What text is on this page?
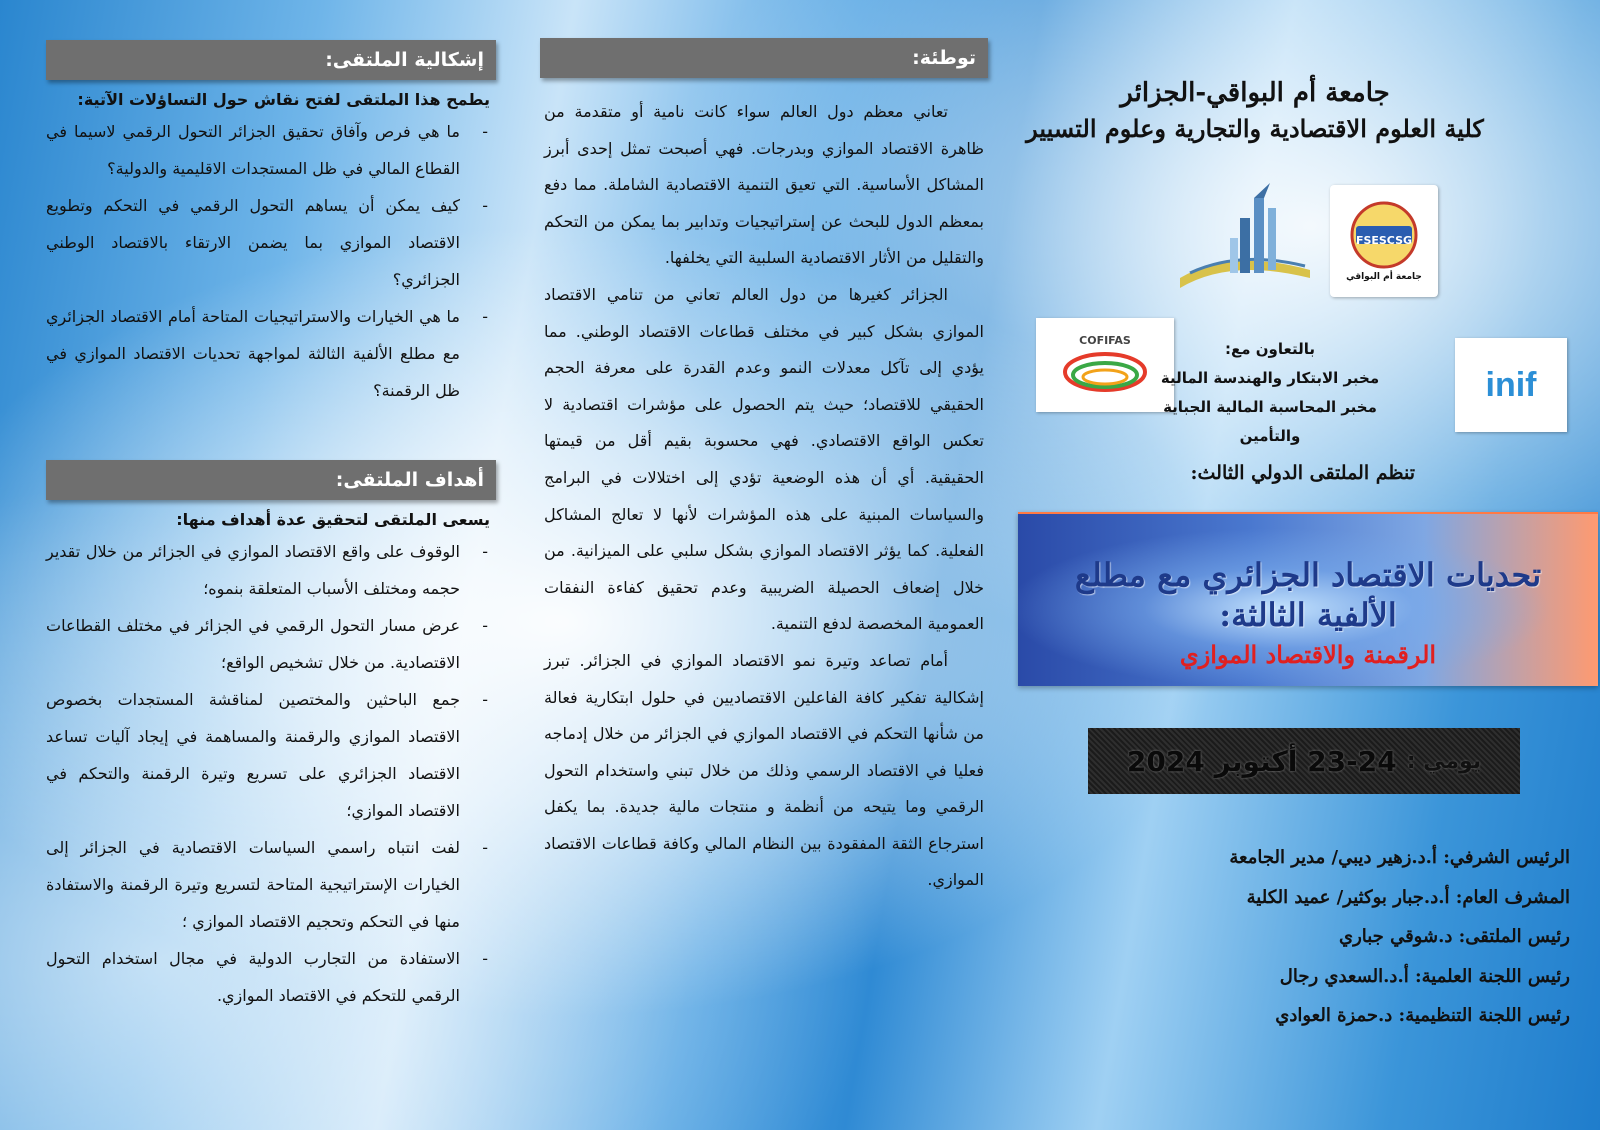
إشكالية الملتقى:
يطمح هذا الملتقى لفتح نقاش حول التساؤلات الآتية:
- ما هي فرص وآفاق تحقيق الجزائر التحول الرقمي لاسيما في القطاع المالي في ظل المستجدات الاقليمية والدولية؟
- كيف يمكن أن يساهم التحول الرقمي في التحكم وتطويع الاقتصاد الموازي بما يضمن الارتقاء بالاقتصاد الوطني الجزائري؟
- ما هي الخيارات والاستراتيجيات المتاحة أمام الاقتصاد الجزائري مع مطلع الألفية الثالثة لمواجهة تحديات الاقتصاد الموازي في ظل الرقمنة؟
أهداف الملتقى:
يسعى الملتقى لتحقيق عدة أهداف منها:
- الوقوف على واقع الاقتصاد الموازي في الجزائر من خلال تقدير حجمه ومختلف الأسباب المتعلقة بنموه؛
- عرض مسار التحول الرقمي في الجزائر في مختلف القطاعات الاقتصادية. من خلال تشخيص الواقع؛
- جمع الباحثين والمختصين لمناقشة المستجدات بخصوص الاقتصاد الموازي والرقمنة والمساهمة في إيجاد آليات تساعد الاقتصاد الجزائري على تسريع وتيرة الرقمنة والتحكم في الاقتصاد الموازي؛
- لفت انتباه راسمي السياسات الاقتصادية في الجزائر إلى الخيارات الإستراتيجية المتاحة لتسريع وتيرة الرقمنة والاستفادة منها في التحكم وتحجيم الاقتصاد الموازي ؛
- الاستفادة من التجارب الدولية في مجال استخدام التحول الرقمي للتحكم في الاقتصاد الموازي.
توطئة:

تعاني معظم دول العالم سواء كانت نامية أو متقدمة من ظاهرة الاقتصاد الموازي وبدرجات. فهي أصبحت تمثل إحدى أبرز المشاكل الأساسية. التي تعيق التنمية الاقتصادية الشاملة. مما دفع بمعظم الدول للبحث عن إستراتيجيات وتدابير بما يمكن من التحكم والتقليل من الأثار الاقتصادية السلبية التي يخلفها.

الجزائر كغيرها من دول العالم تعاني من تنامي الاقتصاد الموازي بشكل كبير في مختلف قطاعات الاقتصاد الوطني. مما يؤدي إلى تآكل معدلات النمو وعدم القدرة على معرفة الحجم الحقيقي للاقتصاد؛ حيث يتم الحصول على مؤشرات اقتصادية لا تعكس الواقع الاقتصادي. فهي محسوبة بقيم أقل من قيمتها الحقيقية. أي أن هذه الوضعية تؤدي إلى اختلالات في البرامج والسياسات المبنية على هذه المؤشرات لأنها لا تعالج المشاكل الفعلية. كما يؤثر الاقتصاد الموازي بشكل سلبي على الميزانية. من خلال إضعاف الحصيلة الضريبية وعدم تحقيق كفاءة النفقات العمومية المخصصة لدفع التنمية.

أمام تصاعد وتيرة نمو الاقتصاد الموازي في الجزائر. تبرز إشكالية تفكير كافة الفاعلين الاقتصاديين في حلول ابتكارية فعالة من شأنها التحكم في الاقتصاد الموازي في الجزائر من خلال إدماجه فعليا في الاقتصاد الرسمي وذلك من خلال تبني واستخدام التحول الرقمي وما يتيحه من أنظمة و منتجات مالية جديدة. بما يكفل استرجاع الثقة المفقودة بين النظام المالي وكافة قطاعات الاقتصاد الموازي.

جامعة أم البواقي-الجزائر
كلية العلوم الاقتصادية والتجارية وعلوم التسيير
FSESCSG
جامعة أم البواقي
COFIFAS
inif
بالتعاون مع:
مخبر الابتكار والهندسة المالية
مخبر المحاسبة المالية الجباية والتأمين
تنظم الملتقى الدولي الثالث:
تحديات الاقتصاد الجزائري مع مطلع
الألفية الثالثة:
الرقمنة والاقتصاد الموازي
يومي :
23-24 أكتوبر 2024
الرئيس الشرفي: أ.د.زهير ديبي/ مدير الجامعة
المشرف العام: أ.د.جبار بوكثير/ عميد الكلية
رئيس الملتقى: د.شوقي جباري
رئيس اللجنة العلمية: أ.د.السعدي رجال
رئيس اللجنة التنظيمية: د.حمزة العوادي
